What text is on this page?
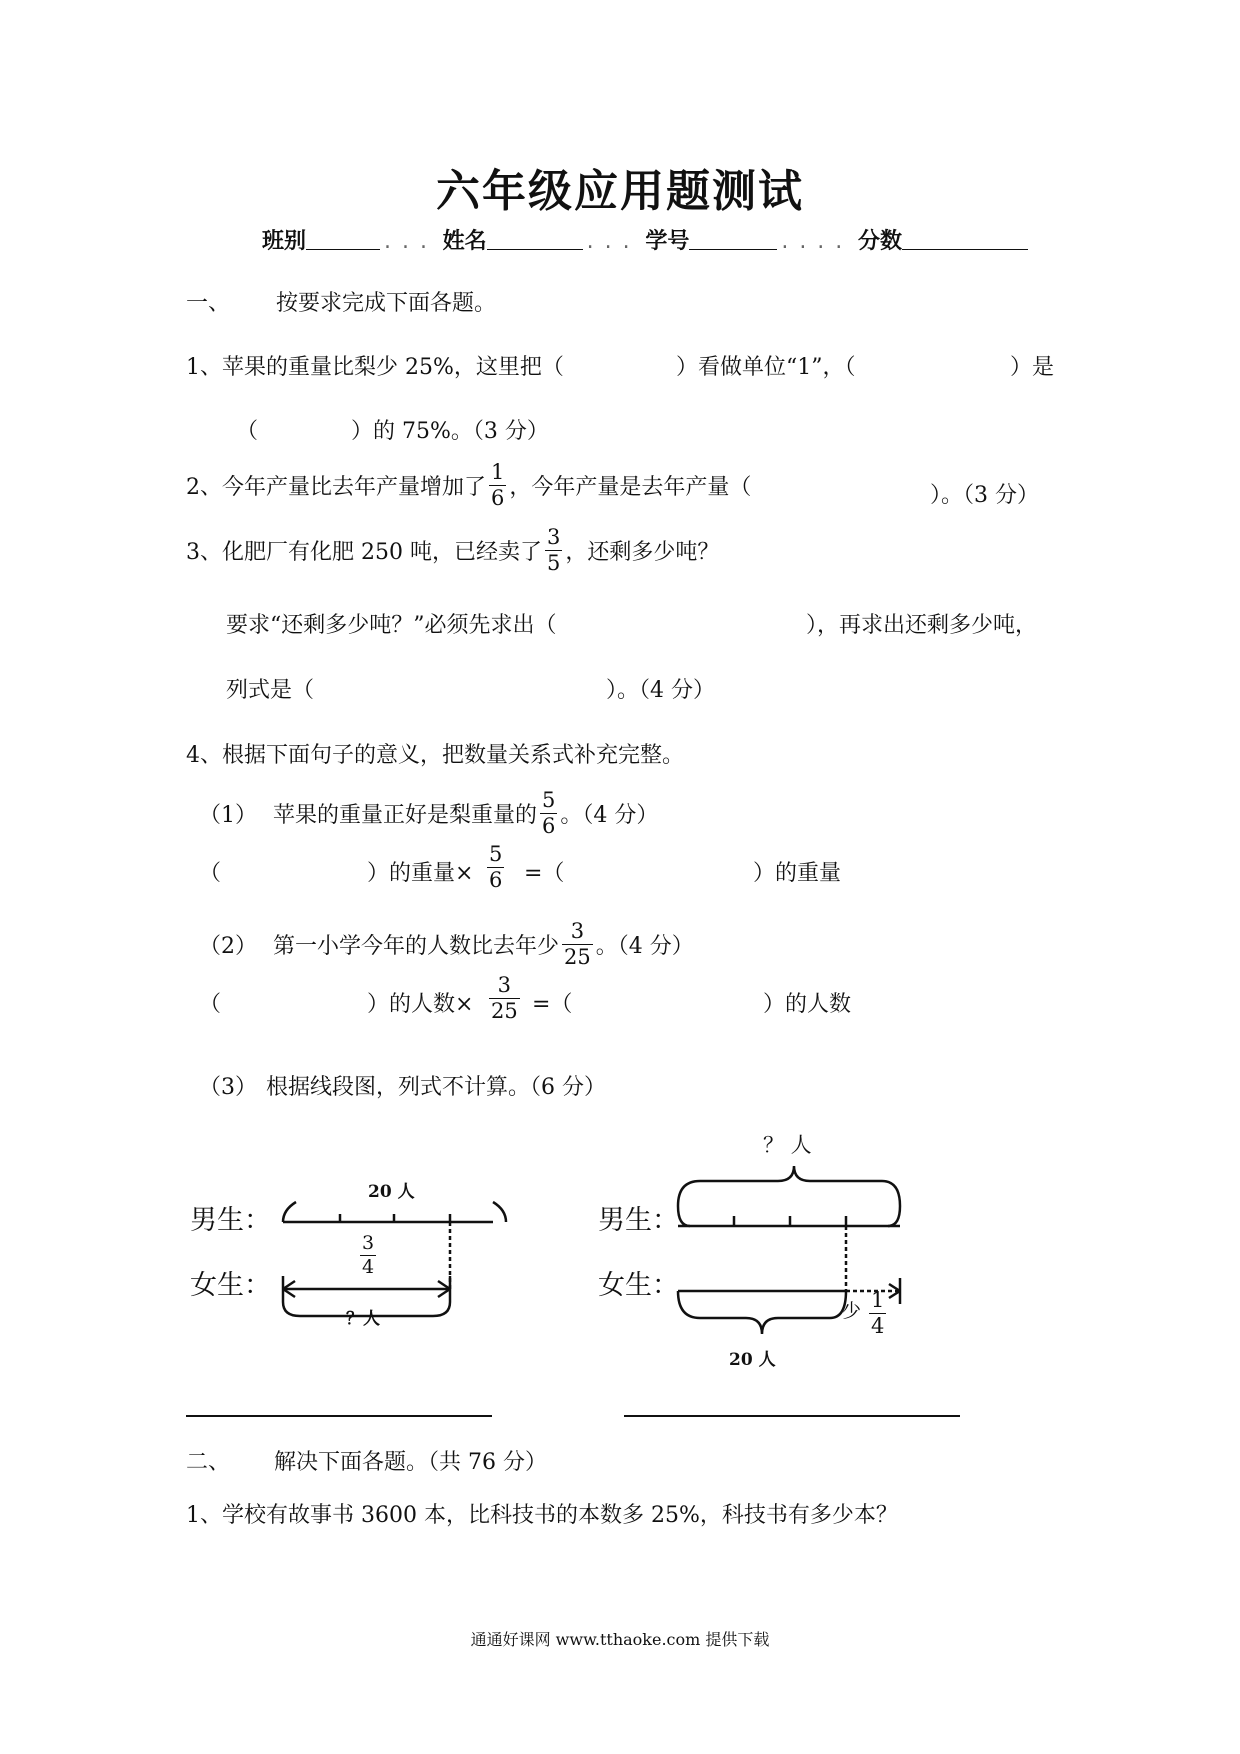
六年级应用题测试
班别	. . . 姓名	. . . 学号	. . . . 分数
一、 按要求完成下面各题。
1、苹果的重量比梨少 25%，这里把（	）看做单位“1”，（	）是
（	）的 75%。（3 分）
2、今年产量比去年产量增加了 $\frac{1}{6}$ ，今年产量是去年产量（	）。（3 分）
3、化肥厂有化肥 250 吨，已经卖了 $\frac{3}{5}$ ，还剩多少吨？
要求“还剩多少吨？”必须先求出（	），再求出还剩多少吨，
列式是（	）。（4 分）
4、根据下面句子的意义，把数量关系式补充完整。
（1） 苹果的重量正好是梨重量的 $\frac{5}{6}$ 。（4 分）
（	）的重量× $\frac{5}{6}$ =（	）的重量
（2） 第一小学今年的人数比去年少 $\frac{3}{25}$ 。（4 分）
（	）的人数× $\frac{3}{25}$ =（	）的人数
（3） 根据线段图，列式不计算。（6 分）
男生：
女生：
20 人
$\frac{3}{4}$
？人
男生：
女生：
？ 人
少 $\frac{1}{4}$
20 人
二、 解决下面各题。（共 76 分）
1、学校有故事书 3600 本，比科技书的本数多 25%，科技书有多少本？
通通好课网 www.tthaoke.com 提供下载
